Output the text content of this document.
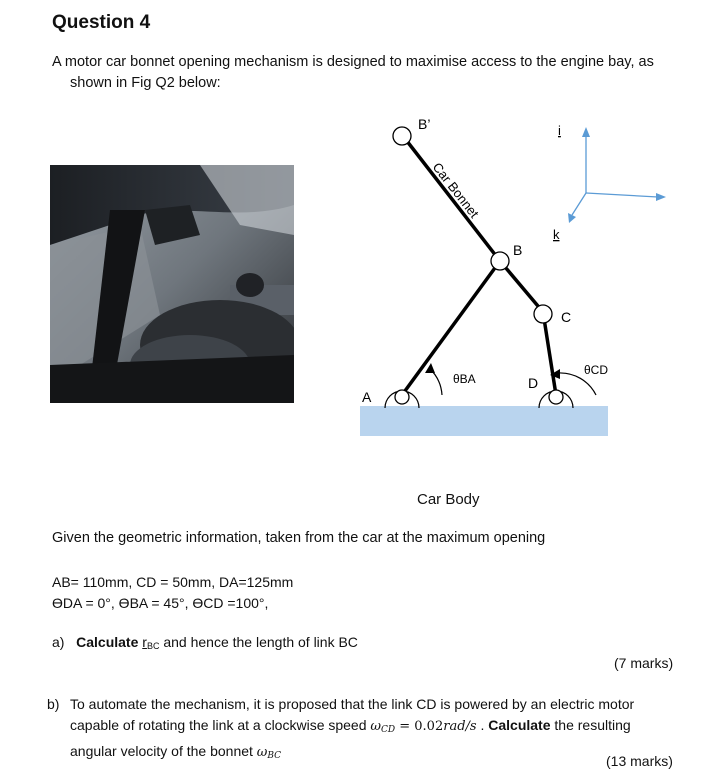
Question 4
A motor car bonnet opening mechanism is designed to maximise access to the engine bay, as
shown in Fig Q2 below:
B’
B
C
D
A
Car Bonnet
θBA
θCD
i
k
Car Body
Given the geometric information, taken from the car at the maximum opening
AB= 110mm, CD = 50mm, DA=125mm
ϴDA = 0°, ϴBA = 45°, ϴCD =100°,
a) Calculate $r_{BC}$ and hence the length of link BC
(7 marks)
b) To automate the mechanism, it is proposed that the link CD is powered by an electric motor
capable of rotating the link at a clockwise speed $\omega_{CD} = 0.02rad/s$ . Calculate the resulting
angular velocity of the bonnet $\omega_{BC}$	(13 marks)
